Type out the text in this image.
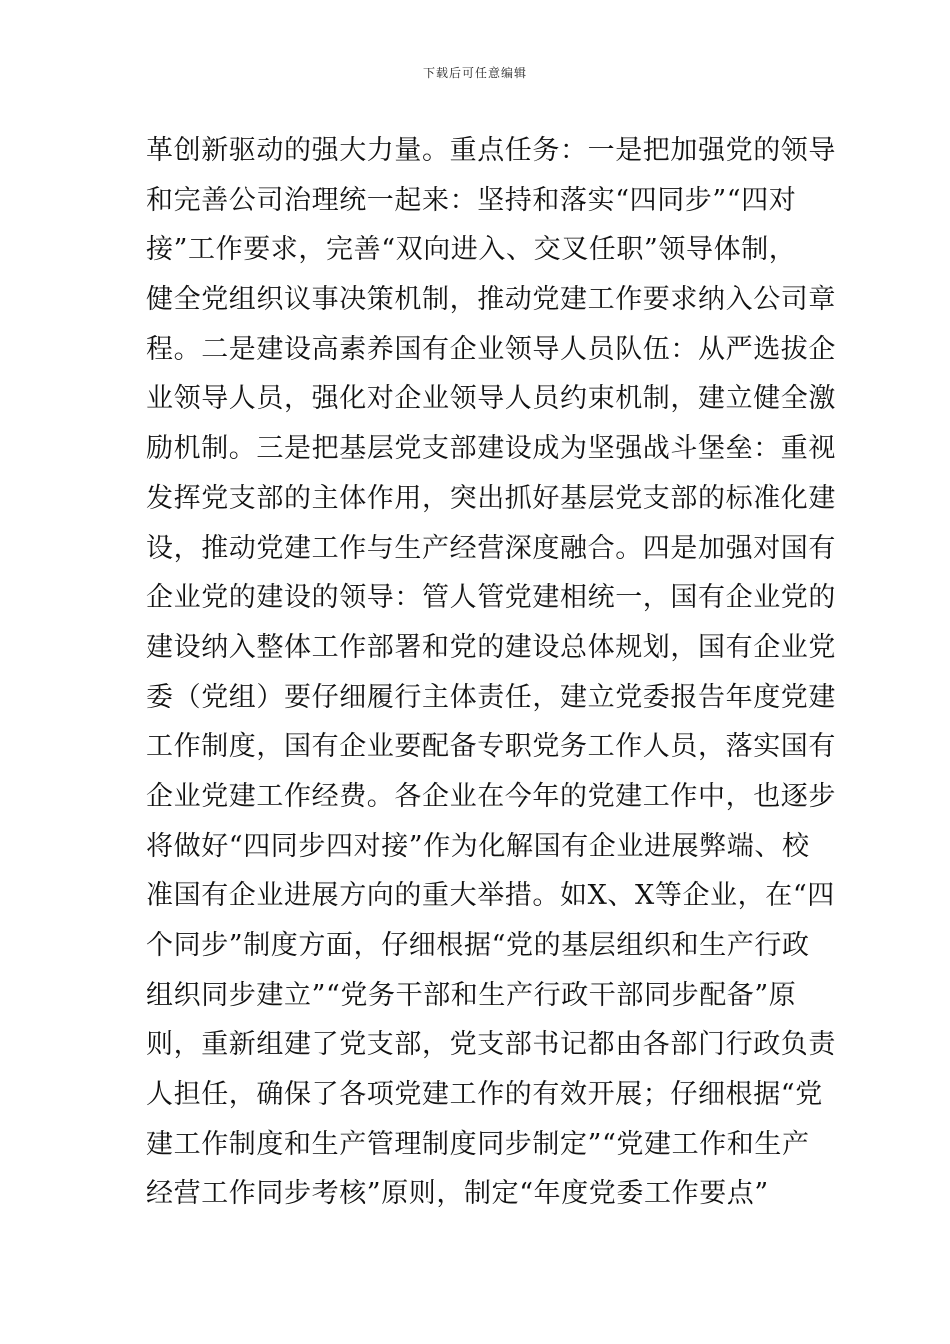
下载后可任意编辑
革创新驱动的强大力量。重点任务：一是把加强党的领导
和完善公司治理统一起来：坚持和落实“四同步”“四对
接”工作要求，完善“双向进入、交叉任职”领导体制，
健全党组织议事决策机制，推动党建工作要求纳入公司章
程。二是建设高素养国有企业领导人员队伍：从严选拔企
业领导人员，强化对企业领导人员约束机制，建立健全激
励机制。三是把基层党支部建设成为坚强战斗堡垒：重视
发挥党支部的主体作用，突出抓好基层党支部的标准化建
设，推动党建工作与生产经营深度融合。四是加强对国有
企业党的建设的领导：管人管党建相统一，国有企业党的
建设纳入整体工作部署和党的建设总体规划，国有企业党
委（党组）要仔细履行主体责任，建立党委报告年度党建
工作制度，国有企业要配备专职党务工作人员，落实国有
企业党建工作经费。各企业在今年的党建工作中，也逐步
将做好“四同步四对接”作为化解国有企业进展弊端、校
准国有企业进展方向的重大举措。如X、X等企业，在“四
个同步”制度方面，仔细根据“党的基层组织和生产行政
组织同步建立”“党务干部和生产行政干部同步配备”原
则，重新组建了党支部，党支部书记都由各部门行政负责
人担任，确保了各项党建工作的有效开展；仔细根据“党
建工作制度和生产管理制度同步制定”“党建工作和生产
经营工作同步考核”原则，制定“年度党委工作要点”
